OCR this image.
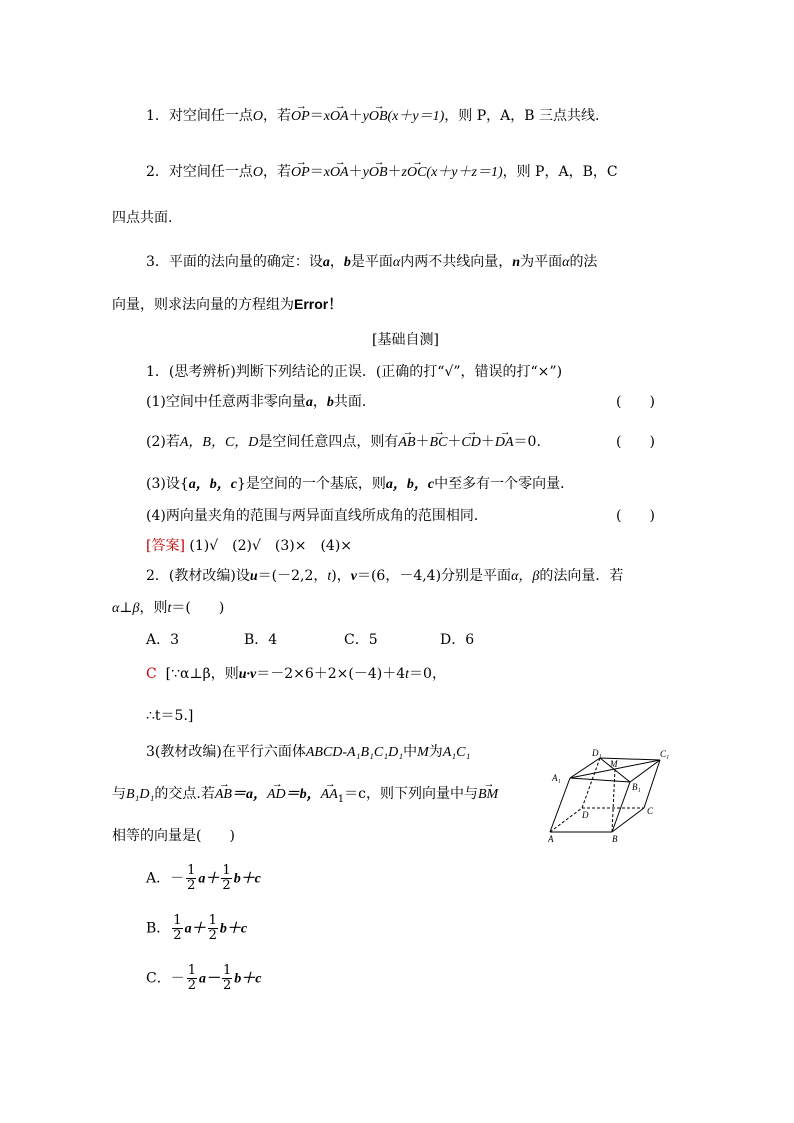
1．对空间任一点O，若→ OP＝x→ OA＋y→ OB(x＋y＝1)，则 P，A，B 三点共线.
2．对空间任一点O，若→ OP＝x→ OA＋y→ OB＋z→ OC(x＋y＋z＝1)，则 P，A，B，C
四点共面.
3．平面的法向量的确定：设a，b是平面α内两不共线向量，n为平面α的法
向量，则求法向量的方程组为Error！
[基础自测]
1．(思考辨析)判断下列结论的正误．(正确的打“√”，错误的打“×”)
(1)空间中任意两非零向量a，b共面．	(　　)
(2)若A，B，C，D是空间任意四点，则有→ AB＋→ BC＋→ CD＋→ DA＝0.	(　　)
(3)设{a，b，c}是空间的一个基底，则a，b，c中至多有一个零向量．
(4)两向量夹角的范围与两异面直线所成角的范围相同．	(　　)
[答案] (1)√　(2)√　(3)×　(4)×
2．(教材改编)设u＝(－2,2，t)，v＝(6，－4,4)分别是平面α，β的法向量．若
α⊥β，则t＝(　　)
A．3	B．4	C．5	D．6
C [∵α⊥β，则u·v＝－2×6＋2×(－4)＋4t＝0，
∴t＝5.]
3(教材改编)在平行六面体ABCD-A₁B₁C₁D₁中M为A₁C₁
与B₁D₁的交点.若→ AB＝a，→ AD＝b，→ $AA_1=c$，则下列向量中与→ BM
相等的向量是(　　)
A．－ $\frac{1}{2} a+ \frac{1}{2} b+c$
B． $\frac{1}{2} a+ \frac{1}{2} b+c$
C．－ $\frac{1}{2} a- \frac{1}{2} b+c$
D₁	C₁
M
A₁
B₁
D	C
A	B
